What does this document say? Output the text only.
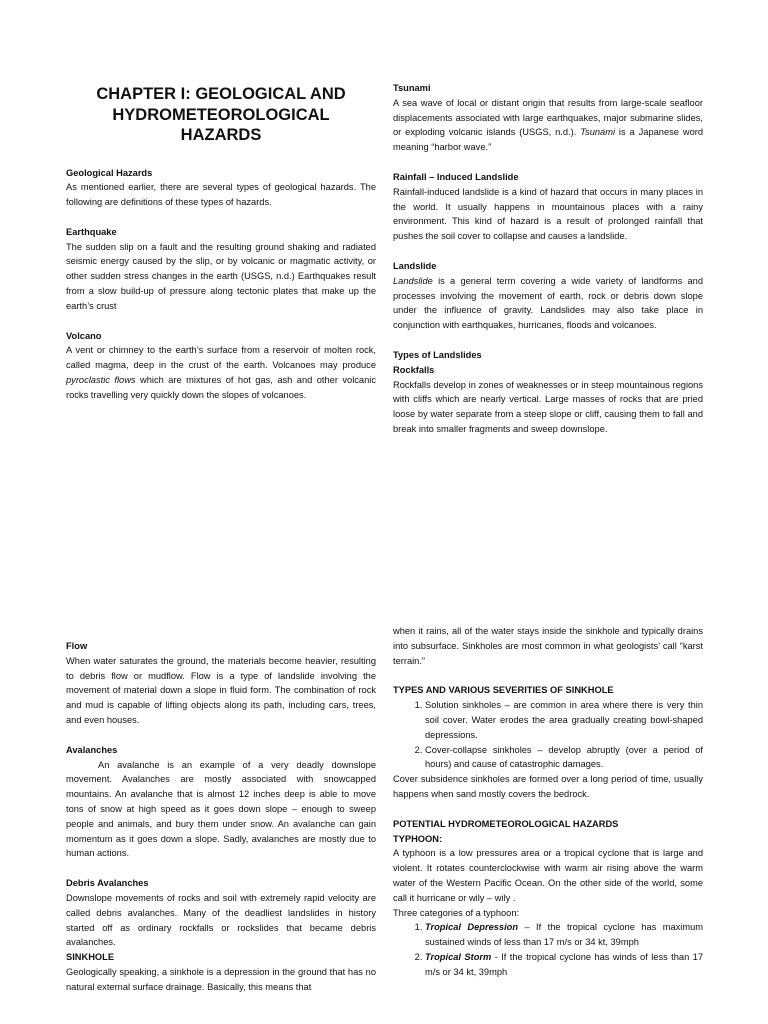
CHAPTER I: GEOLOGICAL AND
HYDROMETEOROLOGICAL
HAZARDS

Geological Hazards

As mentioned earlier, there are several types of geological hazards. The following are definitions of these types of hazards.

Earthquake

The sudden slip on a fault and the resulting ground shaking and radiated seismic energy caused by the slip, or by volcanic or magmatic activity, or other sudden stress changes in the earth (USGS, n.d.) Earthquakes result from a slow build-up of pressure along tectonic plates that make up the earth’s crust

Volcano

A vent or chimney to the earth’s surface from a reservoir of molten rock, called magma, deep in the crust of the earth. Volcanoes may produce pyroclastic flows which are mixtures of hot gas, ash and other volcanic rocks travelling very quickly down the slopes of volcanoes.

Tsunami

A sea wave of local or distant origin that results from large-scale seafloor displacements associated with large earthquakes, major submarine slides, or exploding volcanic islands (USGS, n.d.). Tsunami is a Japanese word meaning “harbor wave.”

Rainfall – Induced Landslide

Rainfall-induced landslide is a kind of hazard that occurs in many places in the world. It usually happens in mountainous places with a rainy environment. This kind of hazard is a result of prolonged rainfall that pushes the soil cover to collapse and causes a landslide.

Landslide

Landslide is a general term covering a wide variety of landforms and processes involving the movement of earth, rock or debris down slope under the influence of gravity. Landslides may also take place in conjunction with earthquakes, hurricanes, floods and volcanoes.

Types of Landslides

Rockfalls

Rockfalls develop in zones of weaknesses or in steep mountainous regions with cliffs which are nearly vertical. Large masses of rocks that are pried loose by water separate from a steep slope or cliff, causing them to fall and break into smaller fragments and sweep downslope.

Flow

When water saturates the ground, the materials become heavier, resulting to debris flow or mudflow. Flow is a type of landslide involving the movement of material down a slope in fluid form. The combination of rock and mud is capable of lifting objects along its path, including cars, trees, and even houses.

Avalanches

An avalanche is an example of a very deadly downslope movement. Avalanches are mostly associated with snowcapped mountains. An avalanche that is almost 12 inches deep is able to move tons of snow at high speed as it goes down slope – enough to sweep people and animals, and bury them under snow. An avalanche can gain momentum as it goes down a slope. Sadly, avalanches are mostly due to human actions.

Debris Avalanches

Downslope movements of rocks and soil with extremely rapid velocity are called debris avalanches. Many of the deadliest landslides in history started off as ordinary rockfalls or rockslides that became debris avalanches.

SINKHOLE

Geologically speaking, a sinkhole is a depression in the ground that has no natural external surface drainage. Basically, this means that

when it rains, all of the water stays inside the sinkhole and typically drains into subsurface. Sinkholes are most common in what geologists’ call “karst terrain.”

TYPES AND VARIOUS SEVERITIES OF SINKHOLE

1. Solution sinkholes – are common in area where there is very thin soil cover. Water erodes the area gradually creating bowl-shaped depressions.
2. Cover-collapse sinkholes – develop abruptly (over a period of hours) and cause of catastrophic damages.

Cover subsidence sinkholes are formed over a long period of time, usually happens when sand mostly covers the bedrock.

POTENTIAL HYDROMETEOROLOGICAL HAZARDS

TYPHOON:

A typhoon is a low pressures area or a tropical cyclone that is large and violent. It rotates counterclockwise with warm air rising above the warm water of the Western Pacific Ocean. On the other side of the world, some call it hurricane or wily – wily .

Three categories of a typhoon:

1. Tropical Depression – If the tropical cyclone has maximum sustained winds of less than 17 m/s or 34 kt, 39mph
2. Tropical Storm - If the tropical cyclone has winds of less than 17 m/s or 34 kt, 39mph
